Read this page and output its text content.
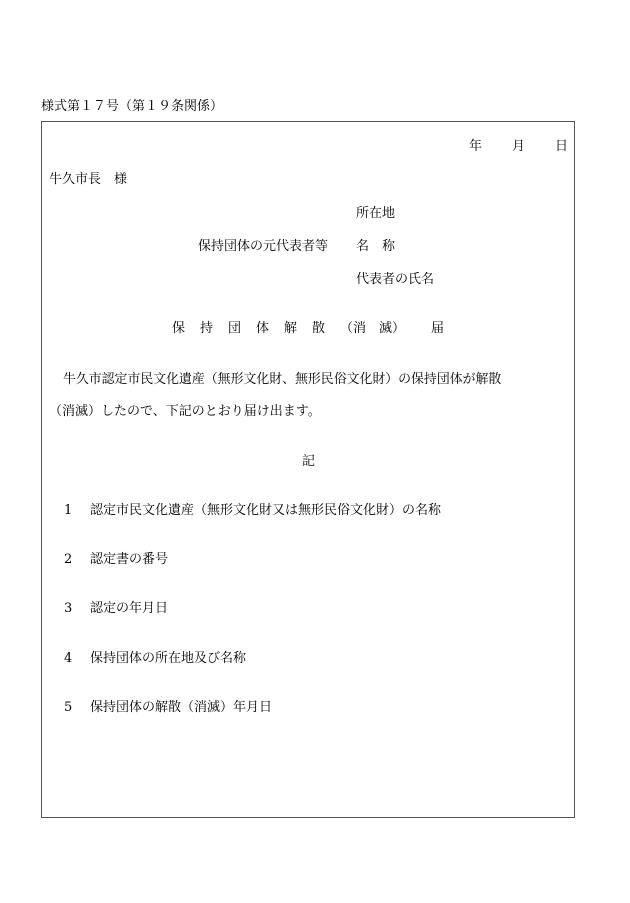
様式第１７号（第１９条関係）
年 月 日
牛久市長　様
所在地
保持団体の元代表者等 名　称
代表者の氏名
保 持 団 体 解 散 （消　滅） 届
牛久市認定市民文化遺産（無形文化財、無形民俗文化財）の保持団体が解散
（消滅）したので、下記のとおり届け出ます。
記
1 認定市民文化遺産（無形文化財又は無形民俗文化財）の名称
2 認定書の番号
3 認定の年月日
4 保持団体の所在地及び名称
5 保持団体の解散（消滅）年月日
